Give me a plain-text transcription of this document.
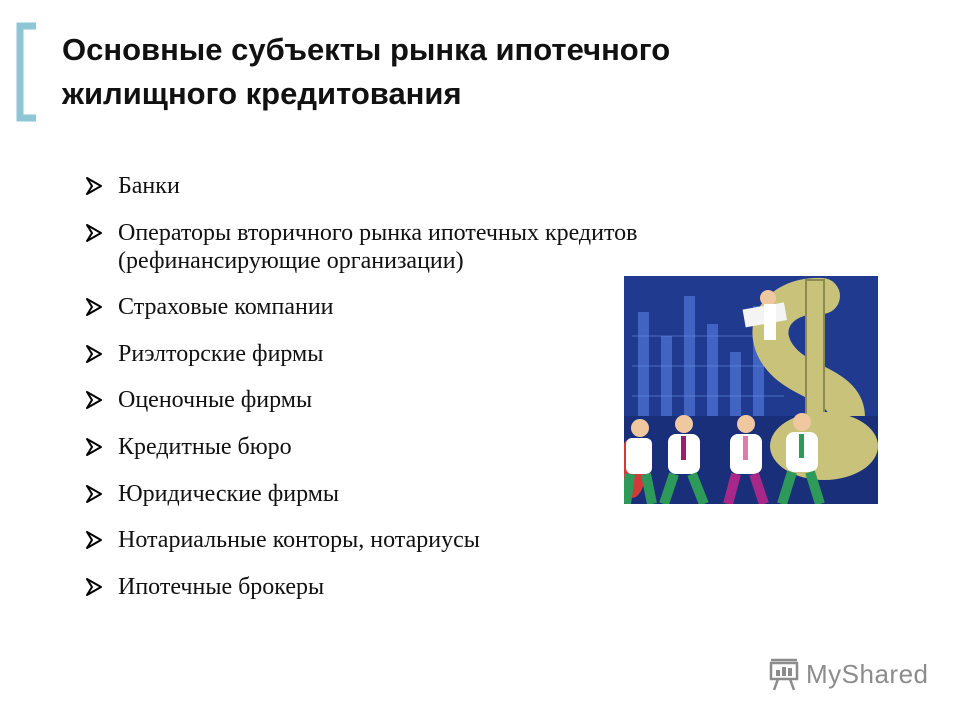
Основные субъекты рынка ипотечного
жилищного кредитования
Банки
Операторы вторичного рынка ипотечных кредитов (рефинансирующие организации)
Страховые компании
Риэлторские фирмы
Оценочные фирмы
Кредитные бюро
Юридические фирмы
Нотариальные конторы, нотариусы
Ипотечные брокеры
MyShared
